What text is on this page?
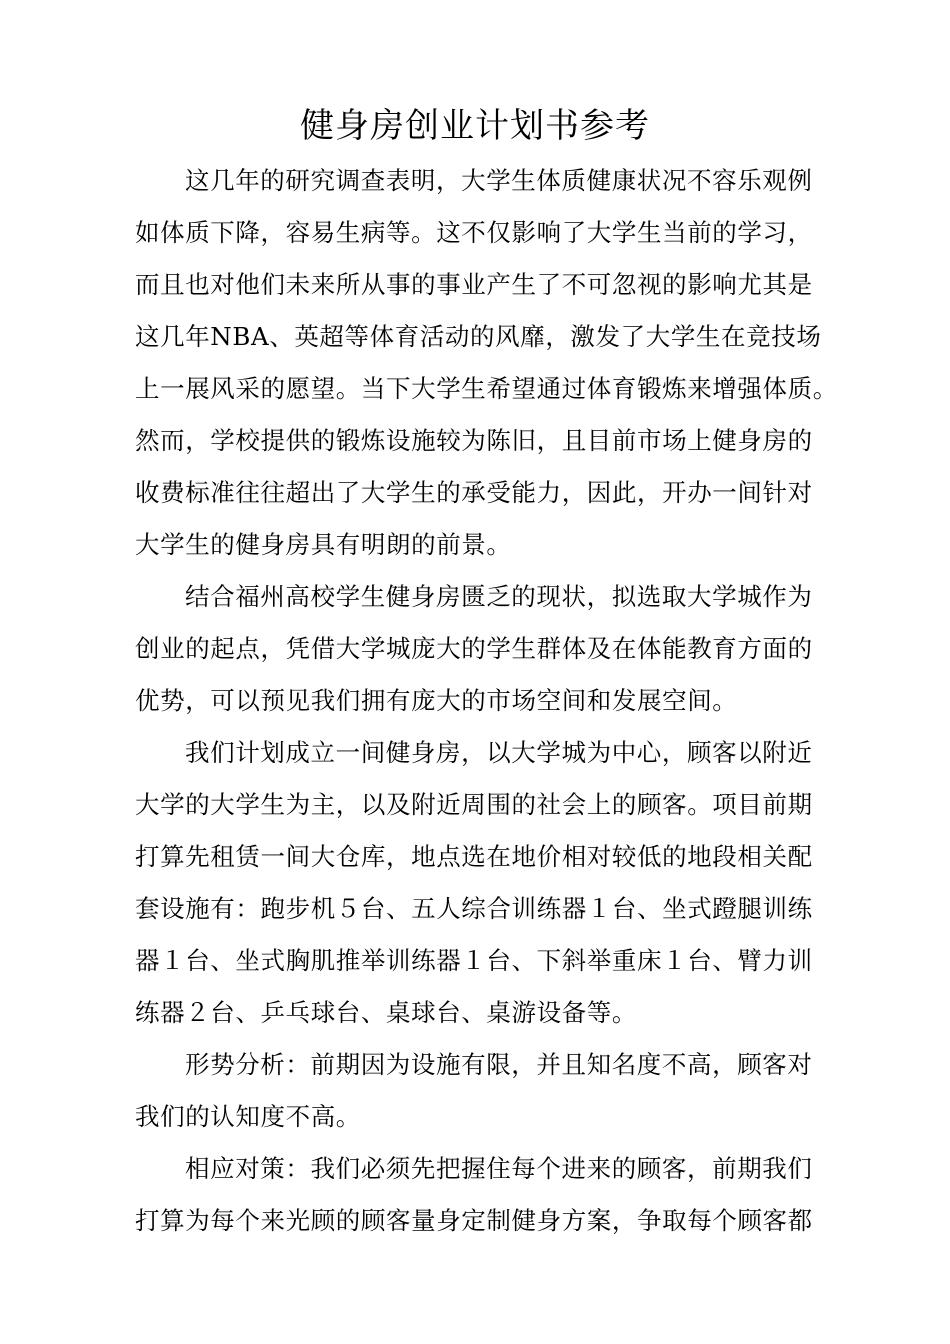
健身房创业计划书参考

这几年的研究调查表明，大学生体质健康状况不容乐观例

如体质下降，容易生病等。这不仅影响了大学生当前的学习，

而且也对他们未来所从事的事业产生了不可忽视的影响尤其是

这几年NBA、英超等体育活动的风靡，激发了大学生在竞技场

上一展风采的愿望。当下大学生希望通过体育锻炼来增强体质。

然而，学校提供的锻炼设施较为陈旧，且目前市场上健身房的

收费标准往往超出了大学生的承受能力，因此，开办一间针对

大学生的健身房具有明朗的前景。

结合福州高校学生健身房匮乏的现状，拟选取大学城作为

创业的起点，凭借大学城庞大的学生群体及在体能教育方面的

优势，可以预见我们拥有庞大的市场空间和发展空间。

我们计划成立一间健身房，以大学城为中心，顾客以附近

大学的大学生为主，以及附近周围的社会上的顾客。项目前期

打算先租赁一间大仓库，地点选在地价相对较低的地段相关配

套设施有：跑步机５台、五人综合训练器１台、坐式蹬腿训练

器１台、坐式胸肌推举训练器１台、下斜举重床１台、臂力训

练器２台、乒乓球台、桌球台、桌游设备等。

形势分析：前期因为设施有限，并且知名度不高，顾客对

我们的认知度不高。

相应对策：我们必须先把握住每个进来的顾客，前期我们

打算为每个来光顾的顾客量身定制健身方案，争取每个顾客都
